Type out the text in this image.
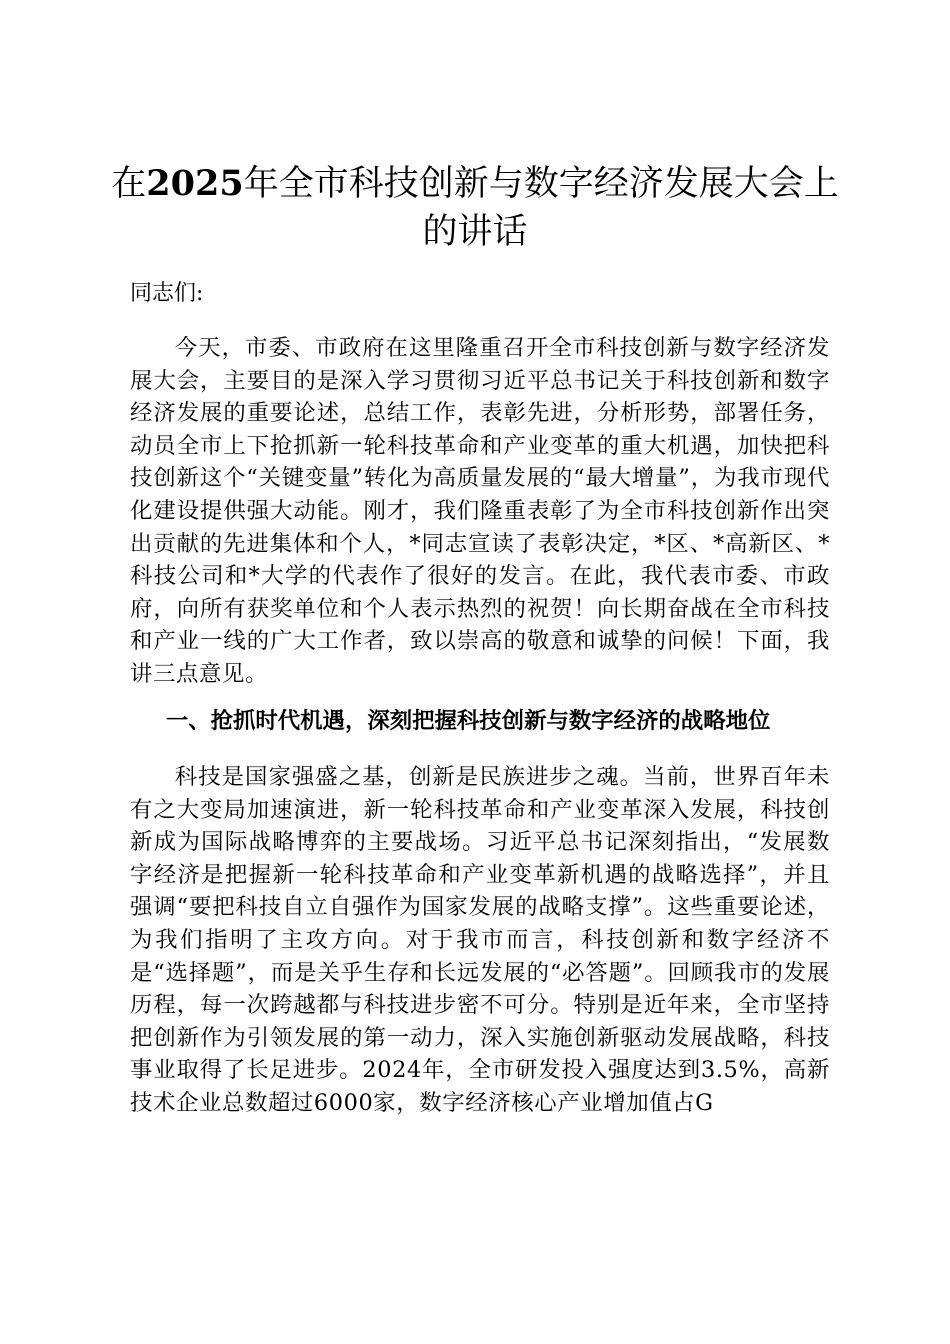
在2025年全市科技创新与数字经济发展大会上的讲话

同志们:

今天，市委、市政府在这里隆重召开全市科技创新与数字经济发展大会，主要目的是深入学习贯彻习近平总书记关于科技创新和数字经济发展的重要论述，总结工作，表彰先进，分析形势，部署任务，动员全市上下抢抓新一轮科技革命和产业变革的重大机遇，加快把科技创新这个“关键变量”转化为高质量发展的“最大增量”，为我市现代化建设提供强大动能。刚才，我们隆重表彰了为全市科技创新作出突出贡献的先进集体和个人，*同志宣读了表彰决定，*区、*高新区、*科技公司和*大学的代表作了很好的发言。在此，我代表市委、市政府，向所有获奖单位和个人表示热烈的祝贺！向长期奋战在全市科技和产业一线的广大工作者，致以崇高的敬意和诚挚的问候！下面，我讲三点意见。

一、抢抓时代机遇，深刻把握科技创新与数字经济的战略地位

科技是国家强盛之基，创新是民族进步之魂。当前，世界百年未有之大变局加速演进，新一轮科技革命和产业变革深入发展，科技创新成为国际战略博弈的主要战场。习近平总书记深刻指出，“发展数字经济是把握新一轮科技革命和产业变革新机遇的战略选择”，并且强调“要把科技自立自强作为国家发展的战略支撑”。这些重要论述，为我们指明了主攻方向。对于我市而言，科技创新和数字经济不是“选择题”，而是关乎生存和长远发展的“必答题”。回顾我市的发展历程，每一次跨越都与科技进步密不可分。特别是近年来，全市坚持把创新作为引领发展的第一动力，深入实施创新驱动发展战略，科技事业取得了长足进步。2024年，全市研发投入强度达到3.5%，高新技术企业总数超过6000家，数字经济核心产业增加值占G
